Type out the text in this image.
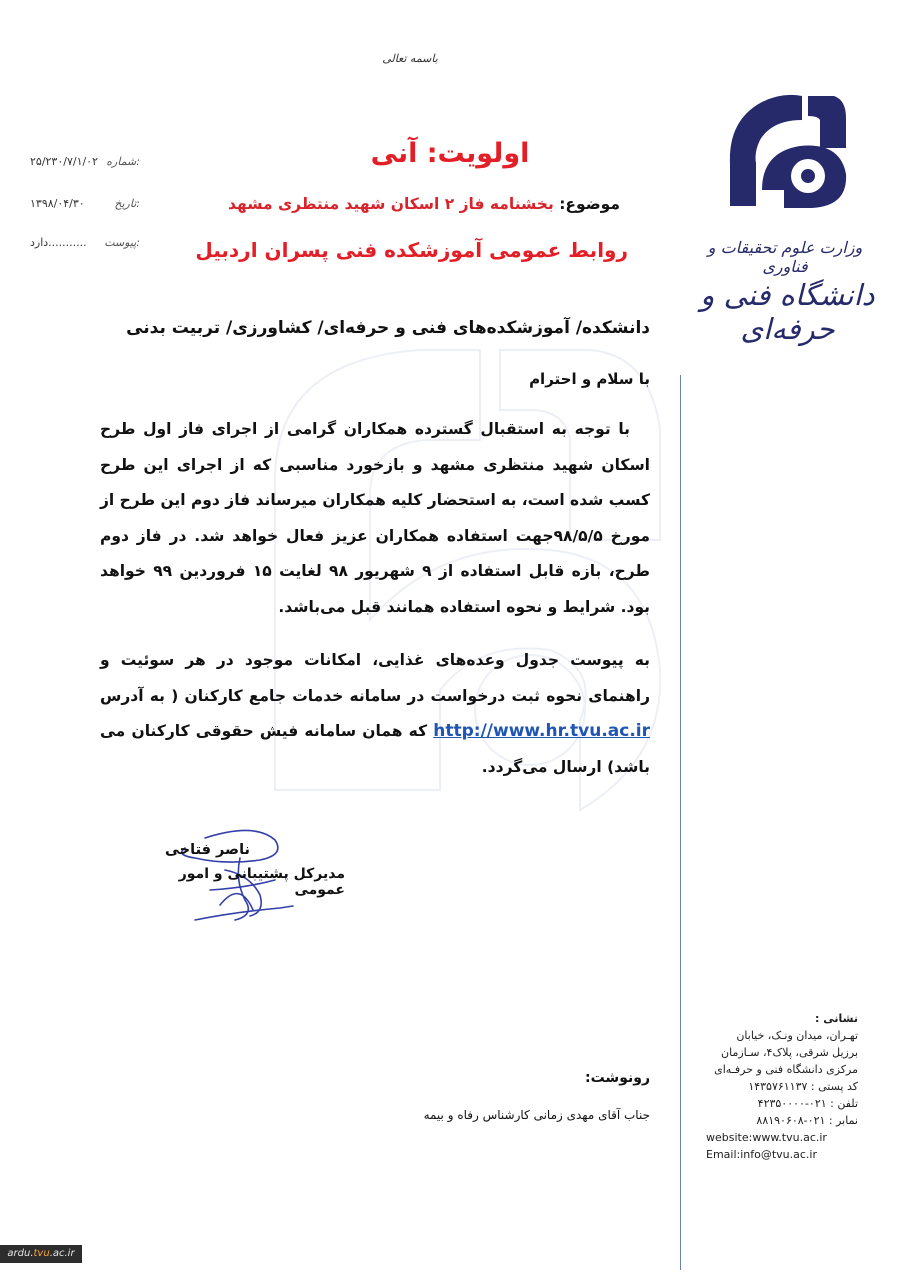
باسمه تعالی
اولویت: آنی
موضوع: بخشنامه فاز ۲ اسکان شهید منتظری مشهد
روابط عمومی آموزشکده فنی پسران اردبیل
۲۵/۲۳۰/۷/۱/۰۲ شماره:
۱۳۹۸/۰۴/۳۰	تاریخ:
دارد........... پیوست:
دانشکده/ آموزشکده‌های فنی و حرفه‌ای/ کشاورزی/ تربیت بدنی
با سلام و احترام
با توجه به استقبال گسترده همکاران گرامی از اجرای فاز اول طرح اسکان شهید منتظری مشهد و بازخورد مناسبی که از اجرای این طرح کسب شده است، به استحضار کلیه همکاران میرساند فاز دوم این طرح از مورخ ۹۸/۵/۵جهت استفاده همکاران عزیز فعال خواهد شد. در فاز دوم طرح، بازه قابل استفاده از ۹ شهریور ۹۸ لغایت ۱۵ فروردین ۹۹ خواهد بود. شرایط و نحوه استفاده همانند قبل می‌باشد.
به پیوست جدول وعده‌های غذایی، امکانات موجود در هر سوئیت و راهنمای نحوه ثبت درخواست در سامانه خدمات جامع کارکنان ( به آدرس http://www.hr.tvu.ac.ir که همان سامانه فیش حقوقی کارکنان می باشد) ارسال می‌گردد.
ناصر فتاحی
مدیرکل پشتیبانی و امور عمومی
رونوشت:
جناب آقای مهدی زمانی کارشناس رفاه و بیمه
وزارت علوم تحقیقات و فناوری
دانشگاه فنی و حرفه‌ای
نشانی :
تهـران، میدان ونـک، خیابان
برزیل شرقی، پلاک۴، سـازمان
مرکزی دانشگاه فنی و حرفـه‌ای
کد پستی : ۱۴۳۵۷۶۱۱۳۷
تلفن : ۰۲۱-۴۲۳۵۰۰۰۰
نمابر : ۰۲۱-۸۸۱۹۰۶۰۸
website:www.tvu.ac.ir
Email:info@tvu.ac.ir
ardu.tvu.ac.ir
